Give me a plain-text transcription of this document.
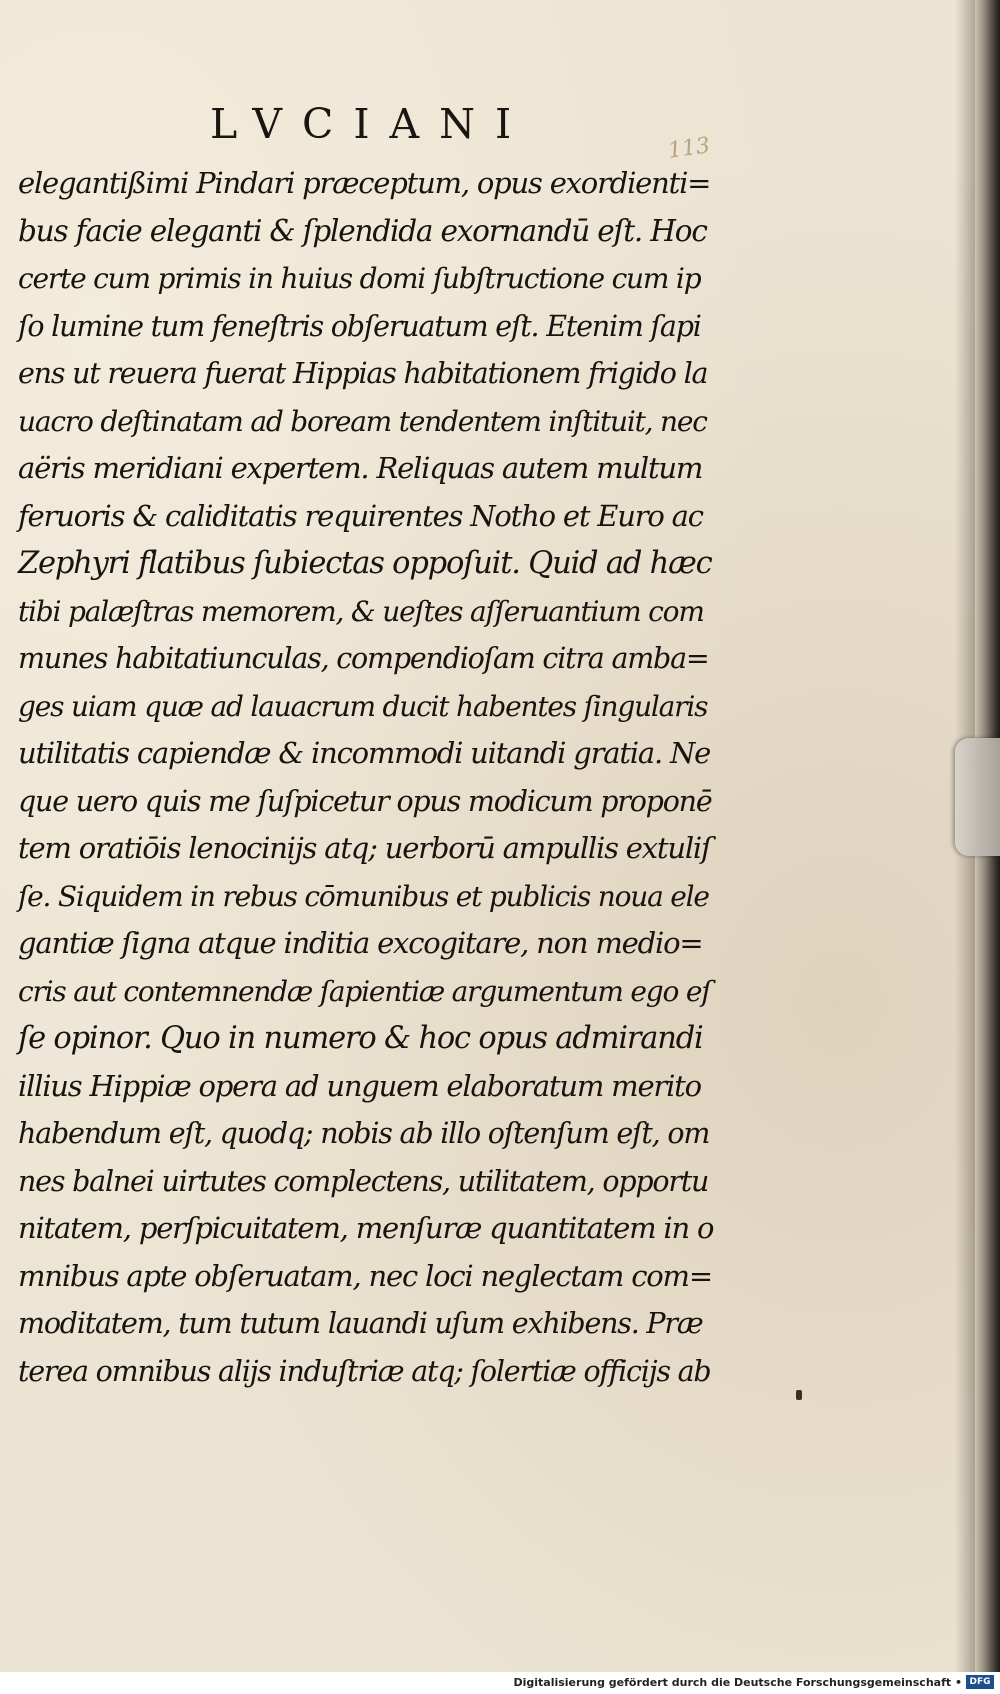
LVCIANI
113
elegantißimi Pindari præceptum, opus exordienti=
bus facie eleganti & ſplendida exornandū eſt. Hoc
certe cum primis in huius domi ſubſtructione cum ip
ſo lumine tum feneſtris obſeruatum eſt. Etenim ſapi
ens ut reuera fuerat Hippias habitationem frigido la
uacro deſtinatam ad boream tendentem inſtituit, nec
aëris meridiani expertem. Reliquas autem multum
feruoris & caliditatis requirentes Notho et Euro ac
Zephyri flatibus ſubiectas oppoſuit. Quid ad hæc
tibi palæſtras memorem, & ueſtes aſſeruantium com
munes habitatiunculas, compendioſam citra amba=
ges uiam quæ ad lauacrum ducit habentes ſingularis
utilitatis capiendæ & incommodi uitandi gratia. Ne
que uero quis me ſuſpicetur opus modicum proponē
tem oratiōis lenocinijs atq; uerborū ampullis extuliſ
ſe. Siquidem in rebus cōmunibus et publicis noua ele
gantiæ ſigna atque inditia excogitare, non medio=
cris aut contemnendæ ſapientiæ argumentum ego eſ
ſe opinor. Quo in numero & hoc opus admirandi
illius Hippiæ opera ad unguem elaboratum merito
habendum eſt, quodq; nobis ab illo oſtenſum eſt, om
nes balnei uirtutes complectens, utilitatem, opportu
nitatem, perſpicuitatem, menſuræ quantitatem in o
mnibus apte obſeruatam, nec loci neglectam com=
moditatem, tum tutum lauandi uſum exhibens. Præ
terea omnibus alijs induſtriæ atq; ſolertiæ officijs ab
Digitalisierung gefördert durch die Deutsche Forschungsgemeinschaft • DFG
